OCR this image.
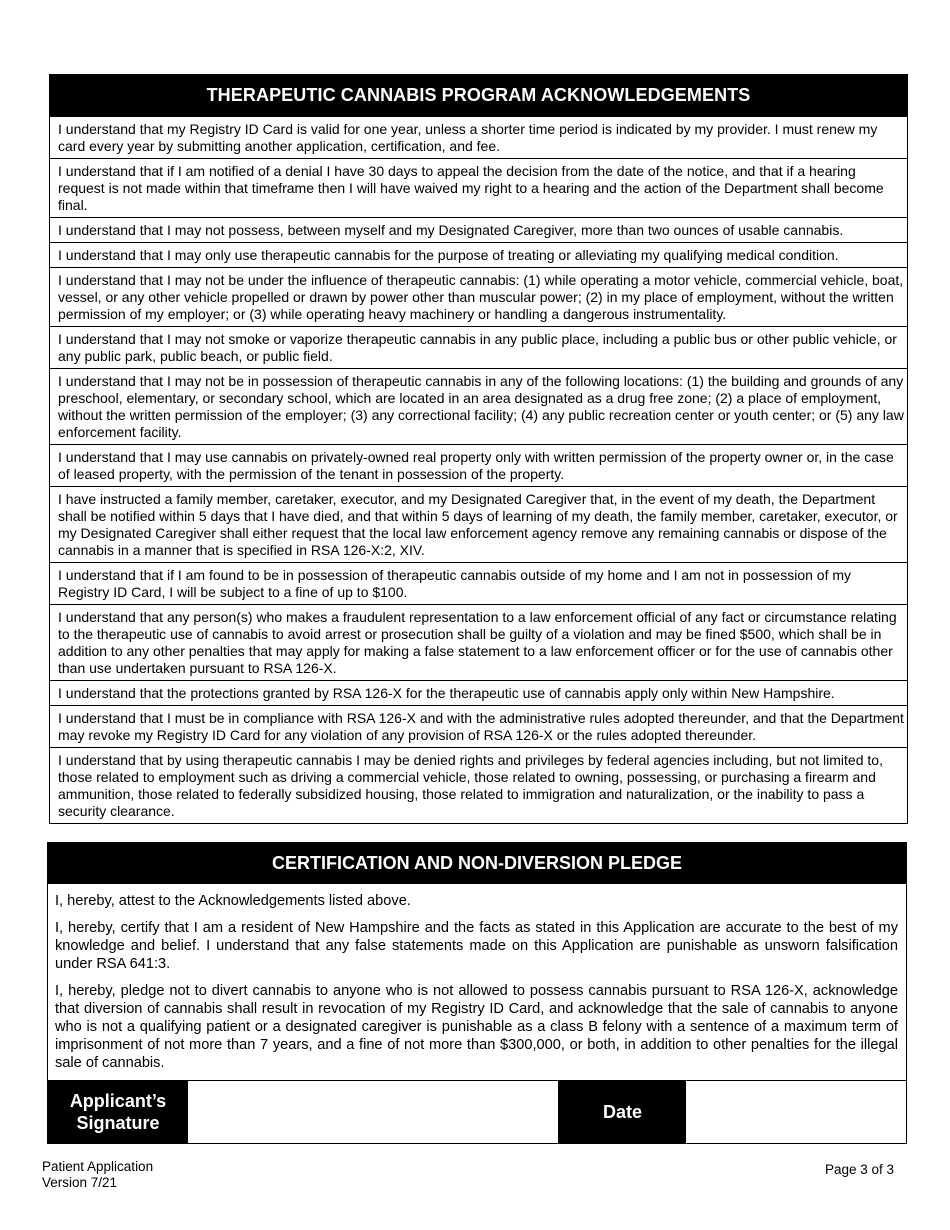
THERAPEUTIC CANNABIS PROGRAM ACKNOWLEDGEMENTS
I understand that my Registry ID Card is valid for one year, unless a shorter time period is indicated by my provider. I must renew my card every year by submitting another application, certification, and fee.
I understand that if I am notified of a denial I have 30 days to appeal the decision from the date of the notice, and that if a hearing request is not made within that timeframe then I will have waived my right to a hearing and the action of the Department shall become final.
I understand that I may not possess, between myself and my Designated Caregiver, more than two ounces of usable cannabis.
I understand that I may only use therapeutic cannabis for the purpose of treating or alleviating my qualifying medical condition.
I understand that I may not be under the influence of therapeutic cannabis: (1) while operating a motor vehicle, commercial vehicle, boat, vessel, or any other vehicle propelled or drawn by power other than muscular power; (2) in my place of employment, without the written permission of my employer; or (3) while operating heavy machinery or handling a dangerous instrumentality.
I understand that I may not smoke or vaporize therapeutic cannabis in any public place, including a public bus or other public vehicle, or any public park, public beach, or public field.
I understand that I may not be in possession of therapeutic cannabis in any of the following locations: (1) the building and grounds of any preschool, elementary, or secondary school, which are located in an area designated as a drug free zone; (2) a place of employment, without the written permission of the employer; (3) any correctional facility; (4) any public recreation center or youth center; or (5) any law enforcement facility.
I understand that I may use cannabis on privately-owned real property only with written permission of the property owner or, in the case of leased property, with the permission of the tenant in possession of the property.
I have instructed a family member, caretaker, executor, and my Designated Caregiver that, in the event of my death, the Department shall be notified within 5 days that I have died, and that within 5 days of learning of my death, the family member, caretaker, executor, or my Designated Caregiver shall either request that the local law enforcement agency remove any remaining cannabis or dispose of the cannabis in a manner that is specified in RSA 126-X:2, XIV.
I understand that if I am found to be in possession of therapeutic cannabis outside of my home and I am not in possession of my Registry ID Card, I will be subject to a fine of up to $100.
I understand that any person(s) who makes a fraudulent representation to a law enforcement official of any fact or circumstance relating to the therapeutic use of cannabis to avoid arrest or prosecution shall be guilty of a violation and may be fined $500, which shall be in addition to any other penalties that may apply for making a false statement to a law enforcement officer or for the use of cannabis other than use undertaken pursuant to RSA 126-X.
I understand that the protections granted by RSA 126-X for the therapeutic use of cannabis apply only within New Hampshire.
I understand that I must be in compliance with RSA 126-X and with the administrative rules adopted thereunder, and that the Department may revoke my Registry ID Card for any violation of any provision of RSA 126-X or the rules adopted thereunder.
I understand that by using therapeutic cannabis I may be denied rights and privileges by federal agencies including, but not limited to, those related to employment such as driving a commercial vehicle, those related to owning, possessing, or purchasing a firearm and ammunition, those related to federally subsidized housing, those related to immigration and naturalization, or the inability to pass a security clearance.
CERTIFICATION AND NON-DIVERSION PLEDGE

I, hereby, attest to the Acknowledgements listed above.

I, hereby, certify that I am a resident of New Hampshire and the facts as stated in this Application are accurate to the best of my knowledge and belief. I understand that any false statements made on this Application are punishable as unsworn falsification under RSA 641:3.

I, hereby, pledge not to divert cannabis to anyone who is not allowed to possess cannabis pursuant to RSA 126-X, acknowledge that diversion of cannabis shall result in revocation of my Registry ID Card, and acknowledge that the sale of cannabis to anyone who is not a qualifying patient or a designated caregiver is punishable as a class B felony with a sentence of a maximum term of imprisonment of not more than 7 years, and a fine of not more than $300,000, or both, in addition to other penalties for the illegal sale of cannabis.

Applicant’s
Signature
Date
Patient Application
Version 7/21
Page 3 of 3
